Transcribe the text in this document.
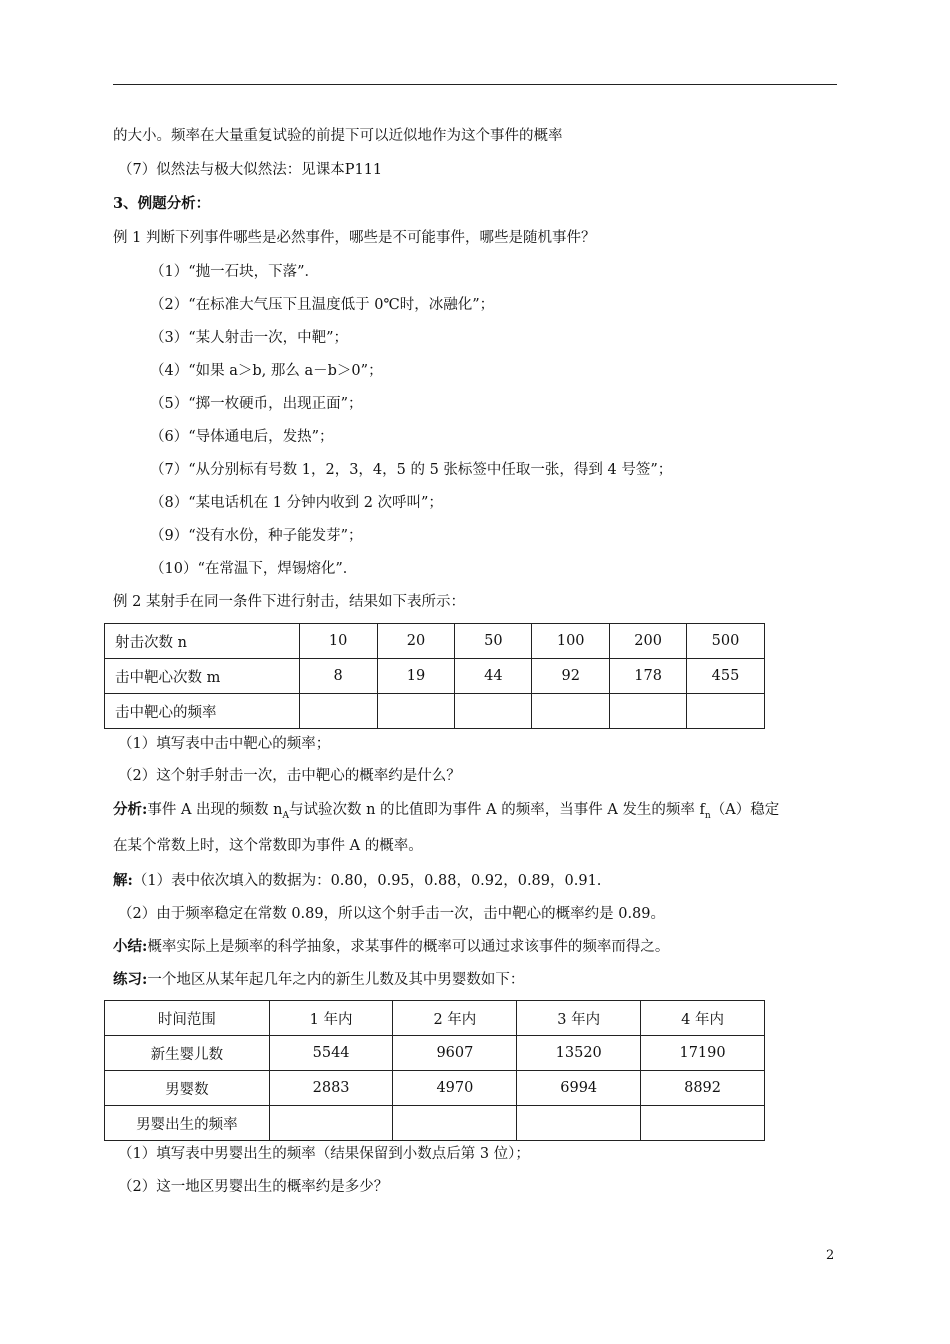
的大小。频率在大量重复试验的前提下可以近似地作为这个事件的概率
（7）似然法与极大似然法：见课本P111
3、例题分析：
例 1 判断下列事件哪些是必然事件，哪些是不可能事件，哪些是随机事件？
（1）“抛一石块，下落”．
（2）“在标准大气压下且温度低于 0℃时，冰融化”；
（3）“某人射击一次，中靶”；
（4）“如果 a＞b, 那么 a－b＞0”；
（5）“掷一枚硬币，出现正面”；
（6）“导体通电后，发热”；
（7）“从分别标有号数 1，2，3，4，5 的 5 张标签中任取一张，得到 4 号签”；
（8）“某电话机在 1 分钟内收到 2 次呼叫”；
（9）“没有水份，种子能发芽”；
（10）“在常温下，焊锡熔化”．
例 2 某射手在同一条件下进行射击，结果如下表所示：
射击次数 n	10	20	50	100	200	500
击中靶心次数 m	8	19	44	92	178	455
击中靶心的频率						
（1）填写表中击中靶心的频率；
（2）这个射手射击一次，击中靶心的概率约是什么？
分析:事件 A 出现的频数 $n_A$与试验次数 n 的比值即为事件 A 的频率，当事件 A 发生的频率 $f_n(A)$稳定
在某个常数上时，这个常数即为事件 A 的概率。
解:（1）表中依次填入的数据为：0.80，0.95，0.88，0.92，0.89，0.91.
（2）由于频率稳定在常数 0.89，所以这个射手击一次，击中靶心的概率约是 0.89。
小结:概率实际上是频率的科学抽象，求某事件的概率可以通过求该事件的频率而得之。
练习:一个地区从某年起几年之内的新生儿数及其中男婴数如下：
时间范围	1 年内	2 年内	3 年内	4 年内
新生婴儿数	5544	9607	13520	17190
男婴数	2883	4970	6994	8892
男婴出生的频率				
（1）填写表中男婴出生的频率（结果保留到小数点后第 3 位）；
（2）这一地区男婴出生的概率约是多少？
2
